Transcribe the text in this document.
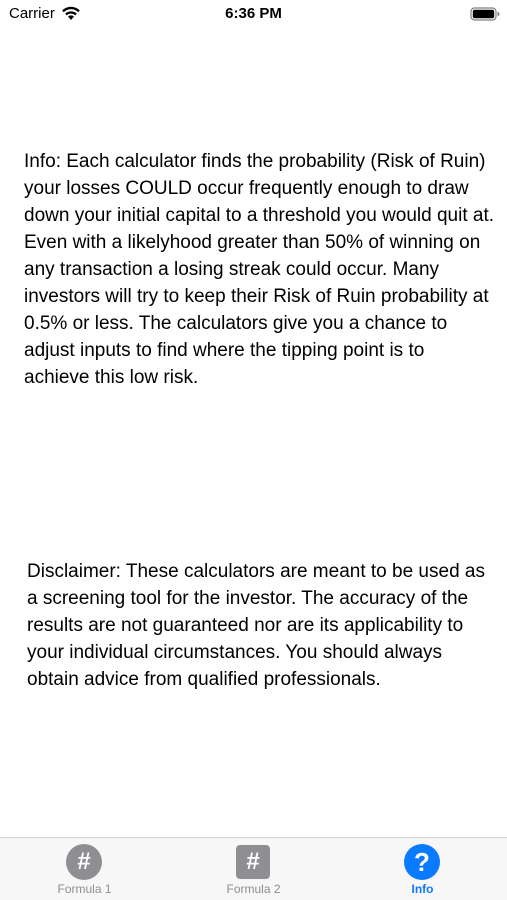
Carrier	6:36 PM

Info: Each calculator finds the probability (Risk of Ruin) your losses COULD occur frequently enough to draw down your initial capital to a threshold you would quit at. Even with a likelyhood greater than 50% of winning on any transaction a losing streak could occur. Many investors will try to keep their Risk of Ruin probability at 0.5% or less. The calculators give you a chance to adjust inputs to find where the tipping point is to achieve this low risk.

Disclaimer: These calculators are meant to be used as a screening tool for the investor. The accuracy of the results are not guaranteed nor are its applicability to your individual circumstances. You should always obtain advice from qualified professionals.

#
Formula 1
#
Formula 2
?
Info
